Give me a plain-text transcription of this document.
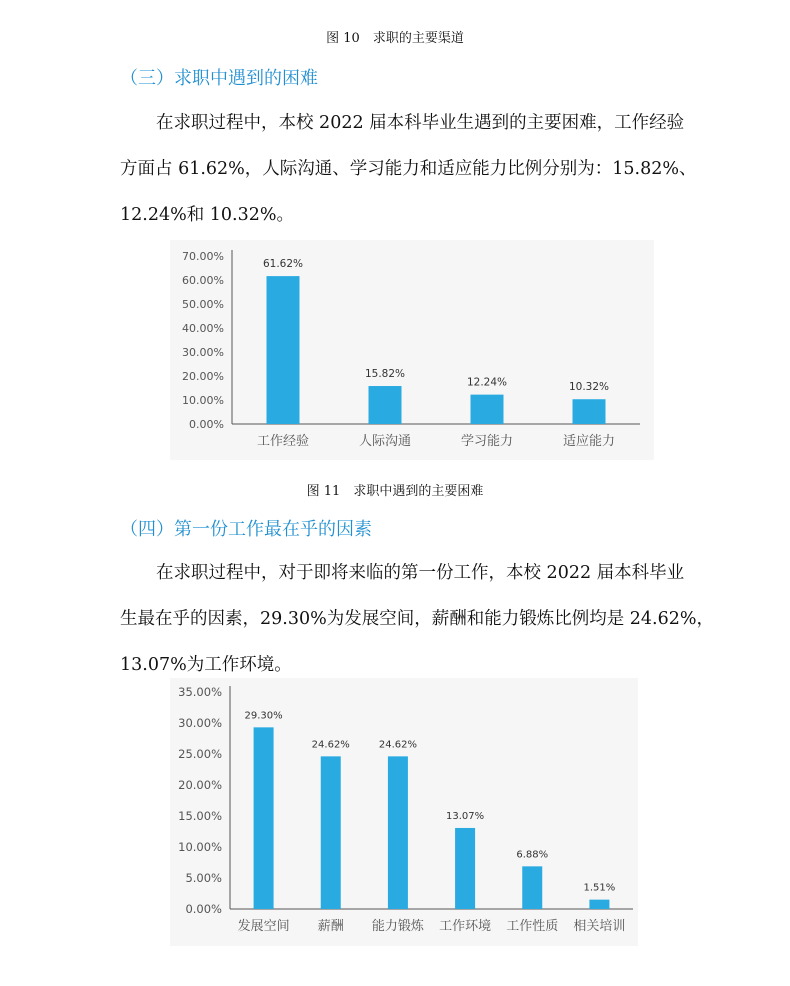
图 10　求职的主要渠道
（三）求职中遇到的困难
在求职过程中，本校 2022 届本科毕业生遇到的主要困难，工作经验
方面占 61.62%，人际沟通、学习能力和适应能力比例分别为：15.82%、
12.24%和 10.32%。
0.00%
10.00%
20.00%
30.00%
40.00%
50.00%
60.00%
70.00%
61.62%
工作经验
15.82%
人际沟通
12.24%
学习能力
10.32%
适应能力
图 11　求职中遇到的主要困难
（四）第一份工作最在乎的因素
在求职过程中，对于即将来临的第一份工作，本校 2022 届本科毕业
生最在乎的因素，29.30%为发展空间，薪酬和能力锻炼比例均是 24.62%，
13.07%为工作环境。
0.00%
5.00%
10.00%
15.00%
20.00%
25.00%
30.00%
35.00%
29.30%
发展空间
24.62%
薪酬
24.62%
能力锻炼
13.07%
工作环境
6.88%
工作性质
1.51%
相关培训
